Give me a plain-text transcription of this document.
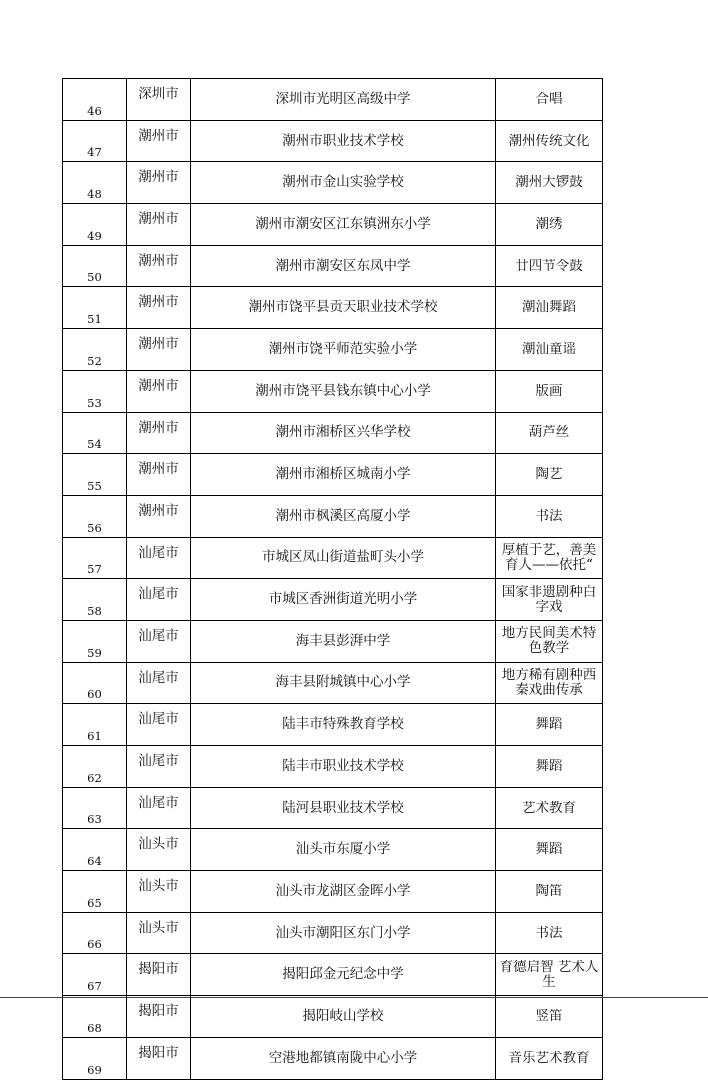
46	深圳市	深圳市光明区高级中学	合唱

47	潮州市	潮州市职业技术学校	潮州传统文化

48	潮州市	潮州市金山实验学校	潮州大锣鼓

49	潮州市	潮州市潮安区江东镇洲东小学	潮绣

50	潮州市	潮州市潮安区东凤中学	廿四节令鼓

51	潮州市	潮州市饶平县贡天职业技术学校	潮汕舞蹈

52	潮州市	潮州市饶平师范实验小学	潮汕童谣

53	潮州市	潮州市饶平县钱东镇中心小学	版画

54	潮州市	潮州市湘桥区兴华学校	葫芦丝

55	潮州市	潮州市湘桥区城南小学	陶艺

56	潮州市	潮州市枫溪区高厦小学	书法

57	汕尾市	市城区凤山街道盐町头小学	厚植于艺，善美育人——依托“

58	汕尾市	市城区香洲街道光明小学	国家非遗剧种白字戏

59	汕尾市	海丰县彭湃中学	地方民间美术特色教学

60	汕尾市	海丰县附城镇中心小学	地方稀有剧种西秦戏曲传承

61	汕尾市	陆丰市特殊教育学校	舞蹈

62	汕尾市	陆丰市职业技术学校	舞蹈

63	汕尾市	陆河县职业技术学校	艺术教育

64	汕头市	汕头市东厦小学	舞蹈

65	汕头市	汕头市龙湖区金晖小学	陶笛

66	汕头市	汕头市潮阳区东门小学	书法

67	揭阳市	揭阳邱金元纪念中学	育德启智 艺术人生

68	揭阳市	揭阳岐山学校	竖笛

69	揭阳市	空港地都镇南陇中心小学	音乐艺术教育
